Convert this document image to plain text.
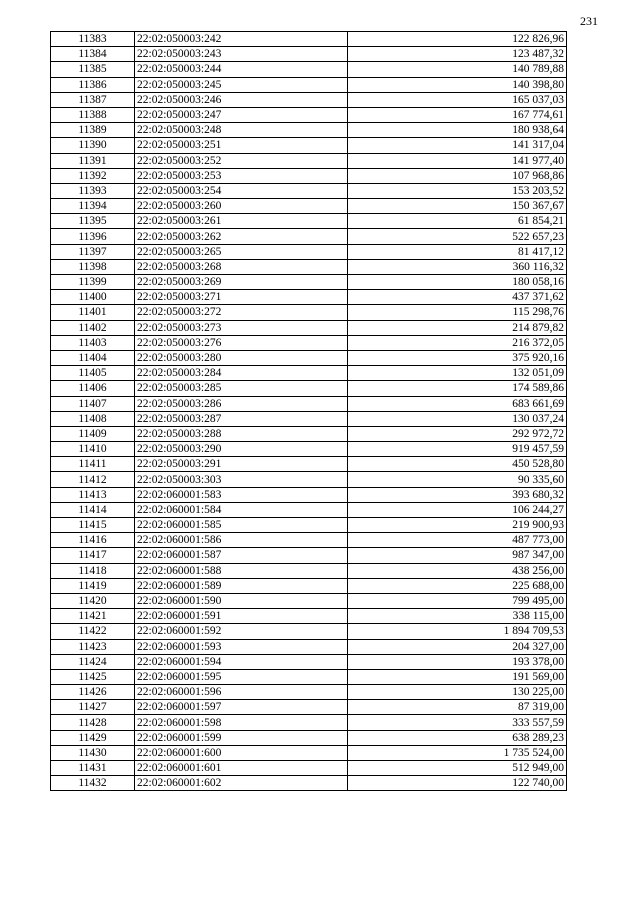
231
11383	22:02:050003:242	122 826,96
11384	22:02:050003:243	123 487,32
11385	22:02:050003:244	140 789,88
11386	22:02:050003:245	140 398,80
11387	22:02:050003:246	165 037,03
11388	22:02:050003:247	167 774,61
11389	22:02:050003:248	180 938,64
11390	22:02:050003:251	141 317,04
11391	22:02:050003:252	141 977,40
11392	22:02:050003:253	107 968,86
11393	22:02:050003:254	153 203,52
11394	22:02:050003:260	150 367,67
11395	22:02:050003:261	61 854,21
11396	22:02:050003:262	522 657,23
11397	22:02:050003:265	81 417,12
11398	22:02:050003:268	360 116,32
11399	22:02:050003:269	180 058,16
11400	22:02:050003:271	437 371,62
11401	22:02:050003:272	115 298,76
11402	22:02:050003:273	214 879,82
11403	22:02:050003:276	216 372,05
11404	22:02:050003:280	375 920,16
11405	22:02:050003:284	132 051,09
11406	22:02:050003:285	174 589,86
11407	22:02:050003:286	683 661,69
11408	22:02:050003:287	130 037,24
11409	22:02:050003:288	292 972,72
11410	22:02:050003:290	919 457,59
11411	22:02:050003:291	450 528,80
11412	22:02:050003:303	90 335,60
11413	22:02:060001:583	393 680,32
11414	22:02:060001:584	106 244,27
11415	22:02:060001:585	219 900,93
11416	22:02:060001:586	487 773,00
11417	22:02:060001:587	987 347,00
11418	22:02:060001:588	438 256,00
11419	22:02:060001:589	225 688,00
11420	22:02:060001:590	799 495,00
11421	22:02:060001:591	338 115,00
11422	22:02:060001:592	1 894 709,53
11423	22:02:060001:593	204 327,00
11424	22:02:060001:594	193 378,00
11425	22:02:060001:595	191 569,00
11426	22:02:060001:596	130 225,00
11427	22:02:060001:597	87 319,00
11428	22:02:060001:598	333 557,59
11429	22:02:060001:599	638 289,23
11430	22:02:060001:600	1 735 524,00
11431	22:02:060001:601	512 949,00
11432	22:02:060001:602	122 740,00
